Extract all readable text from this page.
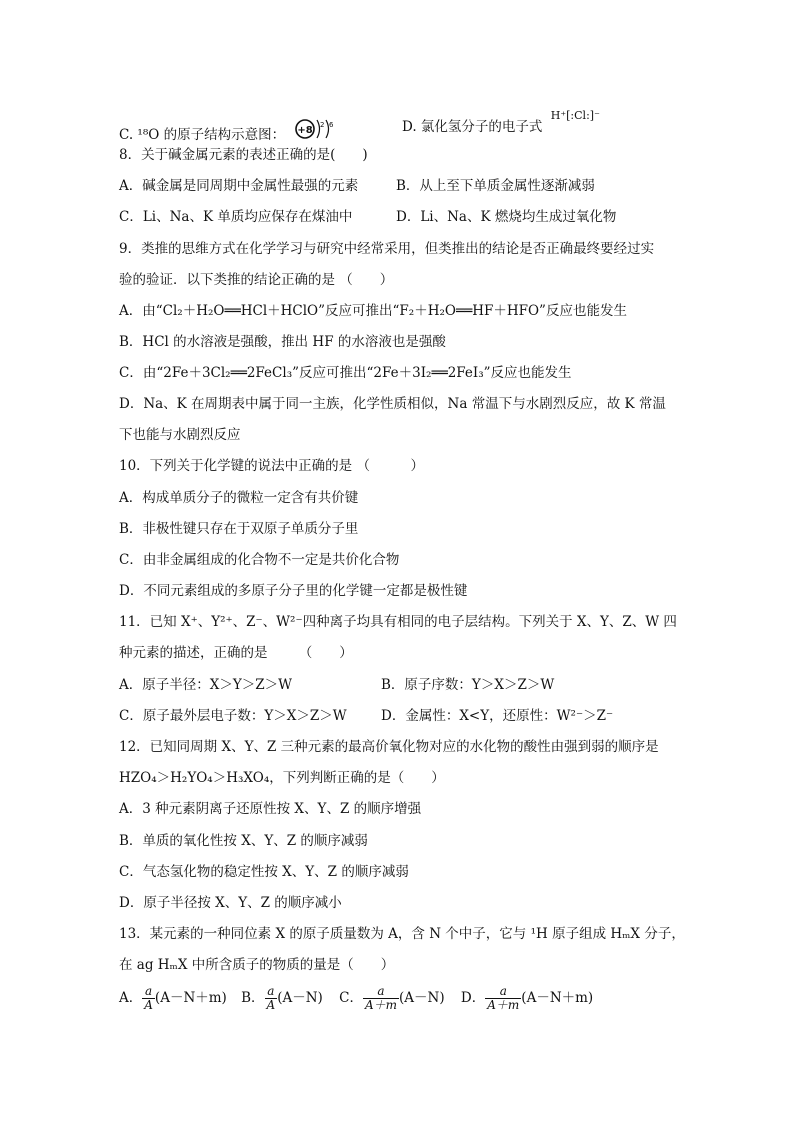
C. ¹⁸O 的原子结构示意图： +8 2 6	D. 氯化氢分子的电子式 $^{H^+[:Cl:]^-}$
8．关于碱金属元素的表述正确的是(　　)
A．碱金属是同周期中金属性最强的元素	B．从上至下单质金属性逐渐减弱
C．Li、Na、K 单质均应保存在煤油中	D．Li、Na、K 燃烧均生成过氧化物
9．类推的思维方式在化学学习与研究中经常采用，但类推出的结论是否正确最终要经过实
验的验证．以下类推的结论正确的是 （　　）
A．由“Cl₂＋H₂O══HCl＋HClO”反应可推出“F₂＋H₂O══HF＋HFO”反应也能发生
B．HCl 的水溶液是强酸，推出 HF 的水溶液也是强酸
C．由“2Fe＋3Cl₂══2FeCl₃”反应可推出“2Fe＋3I₂══2FeI₃”反应也能发生
D．Na、K 在周期表中属于同一主族，化学性质相似，Na 常温下与水剧烈反应，故 K 常温
下也能与水剧烈反应
10．下列关于化学键的说法中正确的是 （　　　）
A．构成单质分子的微粒一定含有共价键
B．非极性键只存在于双原子单质分子里
C．由非金属组成的化合物不一定是共价化合物
D．不同元素组成的多原子分子里的化学键一定都是极性键
11．已知 X⁺、Y²⁺、Z⁻、W²⁻四种离子均具有相同的电子层结构。下列关于 X、Y、Z、W 四
种元素的描述，正确的是　　 （　　）
A．原子半径：X＞Y＞Z＞W	B．原子序数：Y＞X＞Z＞W
C．原子最外层电子数：Y＞X＞Z＞W	D．金属性：X<Y，还原性：W²⁻＞Z⁻
12．已知同周期 X、Y、Z 三种元素的最高价氧化物对应的水化物的酸性由强到弱的顺序是
HZO₄＞H₂YO₄＞H₃XO₄，下列判断正确的是（　　）
A．3 种元素阴离子还原性按 X、Y、Z 的顺序增强
B．单质的氧化性按 X、Y、Z 的顺序减弱
C．气态氢化物的稳定性按 X、Y、Z 的顺序减弱
D．原子半径按 X、Y、Z 的顺序减小
13．某元素的一种同位素 X 的原子质量数为 A，含 N 个中子，它与 ¹H 原子组成 HₘX 分子，
在 ag HₘX 中所含质子的物质的量是（　　）
A． $\frac{a}{A} (A-N+m)$ B． $\frac{a}{A} (A-N)$ C． $\frac{a}{A+m} (A-N)$ D． $\frac{a}{A+m} (A-N+m)$
